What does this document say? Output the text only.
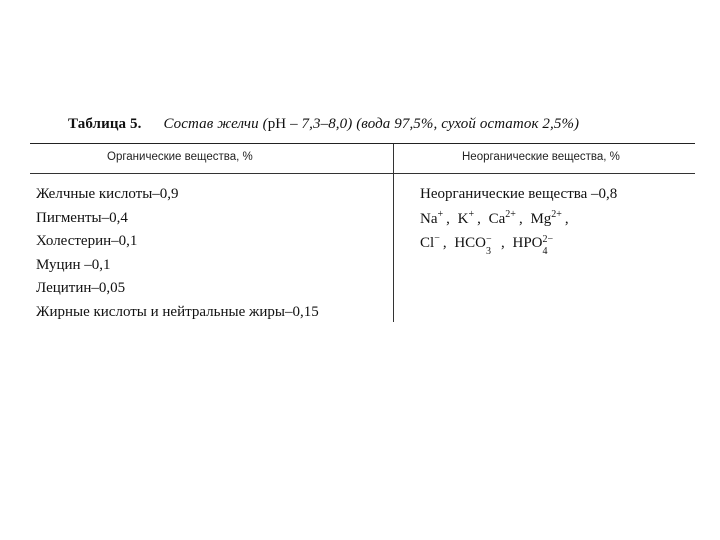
Таблица 5. Состав желчи (pH – 7,3–8,0) (вода 97,5%, сухой остаток 2,5%)
Органические вещества, %	Неорганические вещества, %
Желчные кислоты–0,9
Пигменты–0,4
Холестерин–0,1
Муцин –0,1
Лецитин–0,05
Жирные кислоты и нейтральные жиры–0,15
Неорганические вещества –0,8
Na+ , K+ , $Ca^{2+}$ , $Mg^{2+}$ ,
Cl− , HCO −
3
, HPO 2−
4
